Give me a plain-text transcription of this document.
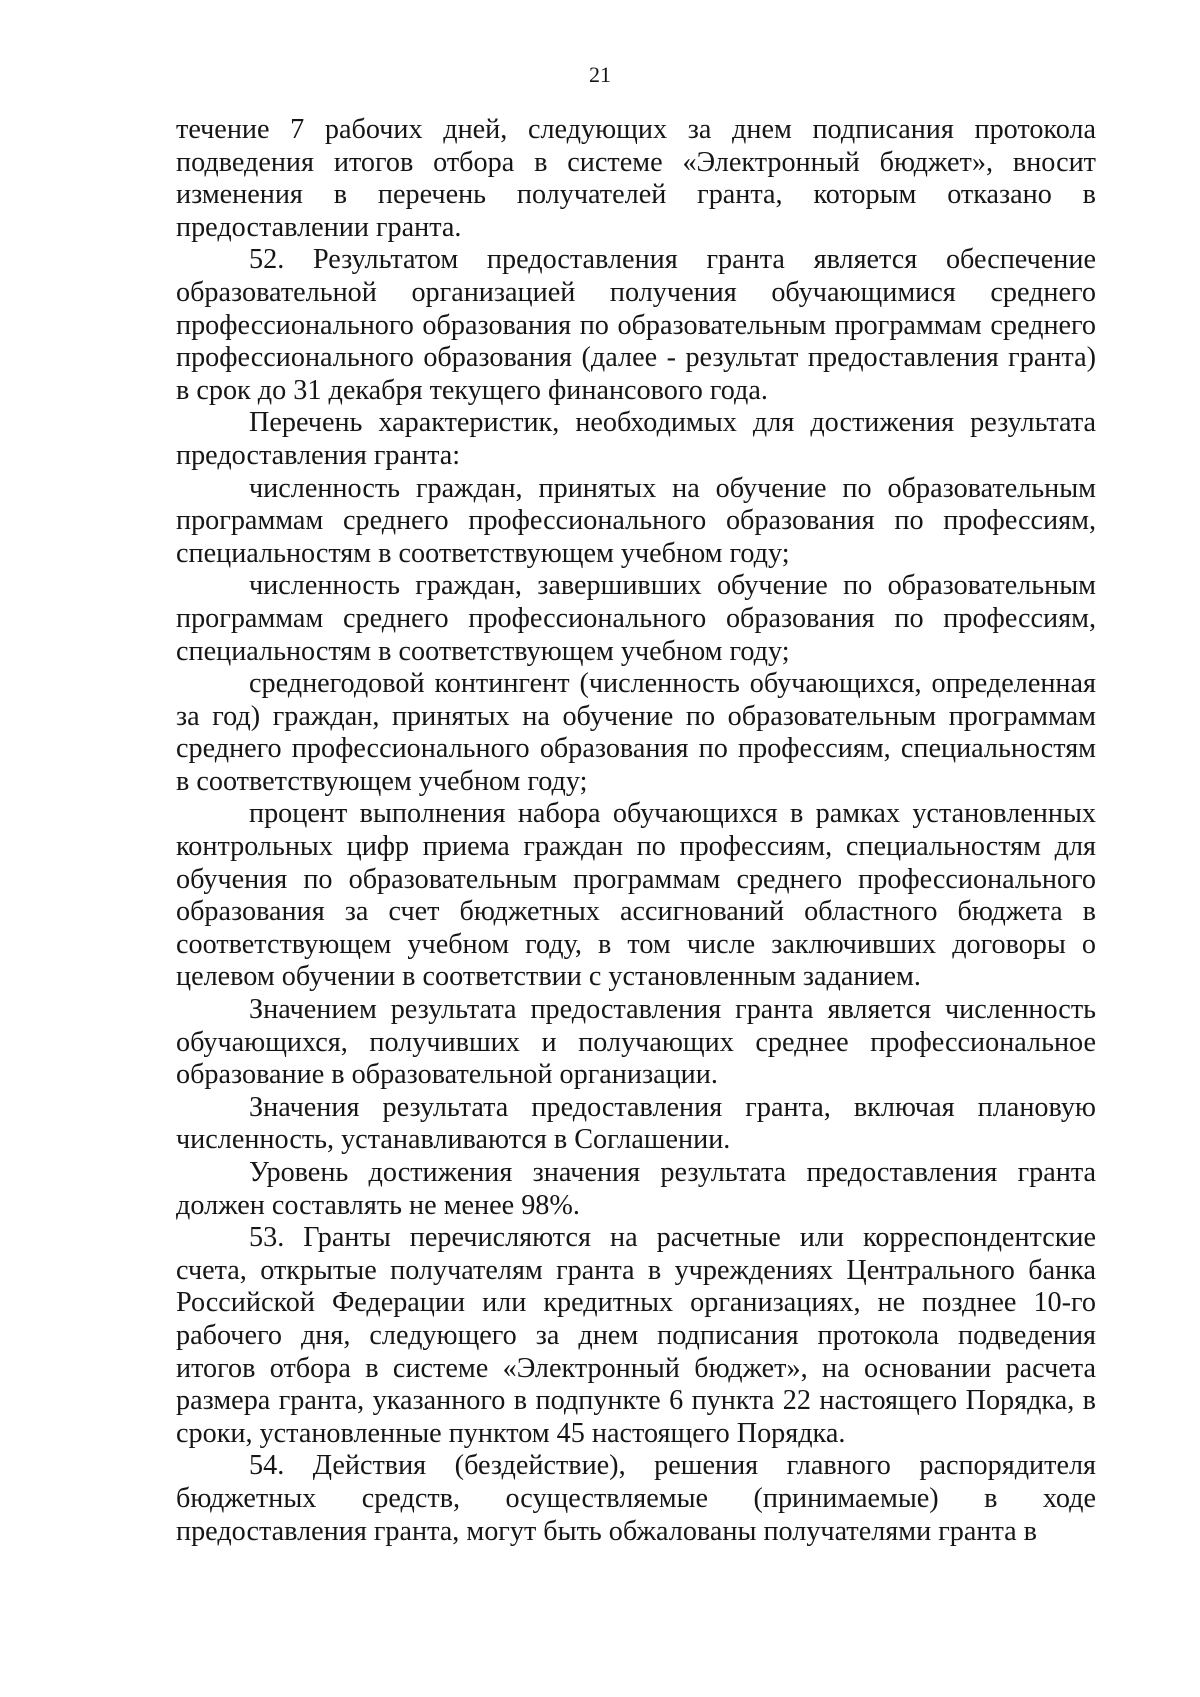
21

течение 7 рабочих дней, следующих за днем подписания протокола подведения итогов отбора в системе «Электронный бюджет», вносит изменения в перечень получателей гранта, которым отказано в предоставлении гранта.

52. Результатом предоставления гранта является обеспечение образовательной организацией получения обучающимися среднего профессионального образования по образовательным программам среднего профессионального образования (далее - результат предоставления гранта) в срок до 31 декабря текущего финансового года.

Перечень характеристик, необходимых для достижения результата предоставления гранта:

численность граждан, принятых на обучение по образовательным программам среднего профессионального образования по профессиям, специальностям в соответствующем учебном году;

численность граждан, завершивших обучение по образовательным программам среднего профессионального образования по профессиям, специальностям в соответствующем учебном году;

среднегодовой контингент (численность обучающихся, определенная за год) граждан, принятых на обучение по образовательным программам среднего профессионального образования по профессиям, специальностям в соответствующем учебном году;

процент выполнения набора обучающихся в рамках установленных контрольных цифр приема граждан по профессиям, специальностям для обучения по образовательным программам среднего профессионального образования за счет бюджетных ассигнований областного бюджета в соответствующем учебном году, в том числе заключивших договоры о целевом обучении в соответствии с установленным заданием.

Значением результата предоставления гранта является численность обучающихся, получивших и получающих среднее профессиональное образование в образовательной организации.

Значения результата предоставления гранта, включая плановую численность, устанавливаются в Соглашении.

Уровень достижения значения результата предоставления гранта должен составлять не менее 98%.

53. Гранты перечисляются на расчетные или корреспондентские счета, открытые получателям гранта в учреждениях Центрального банка Российской Федерации или кредитных организациях, не позднее 10-го рабочего дня, следующего за днем подписания протокола подведения итогов отбора в системе «Электронный бюджет», на основании расчета размера гранта, указанного в подпункте 6 пункта 22 настоящего Порядка, в сроки, установленные пунктом 45 настоящего Порядка.

54. Действия (бездействие), решения главного распорядителя бюджетных средств, осуществляемые (принимаемые) в ходе предоставления гранта, могут быть обжалованы получателями гранта в
